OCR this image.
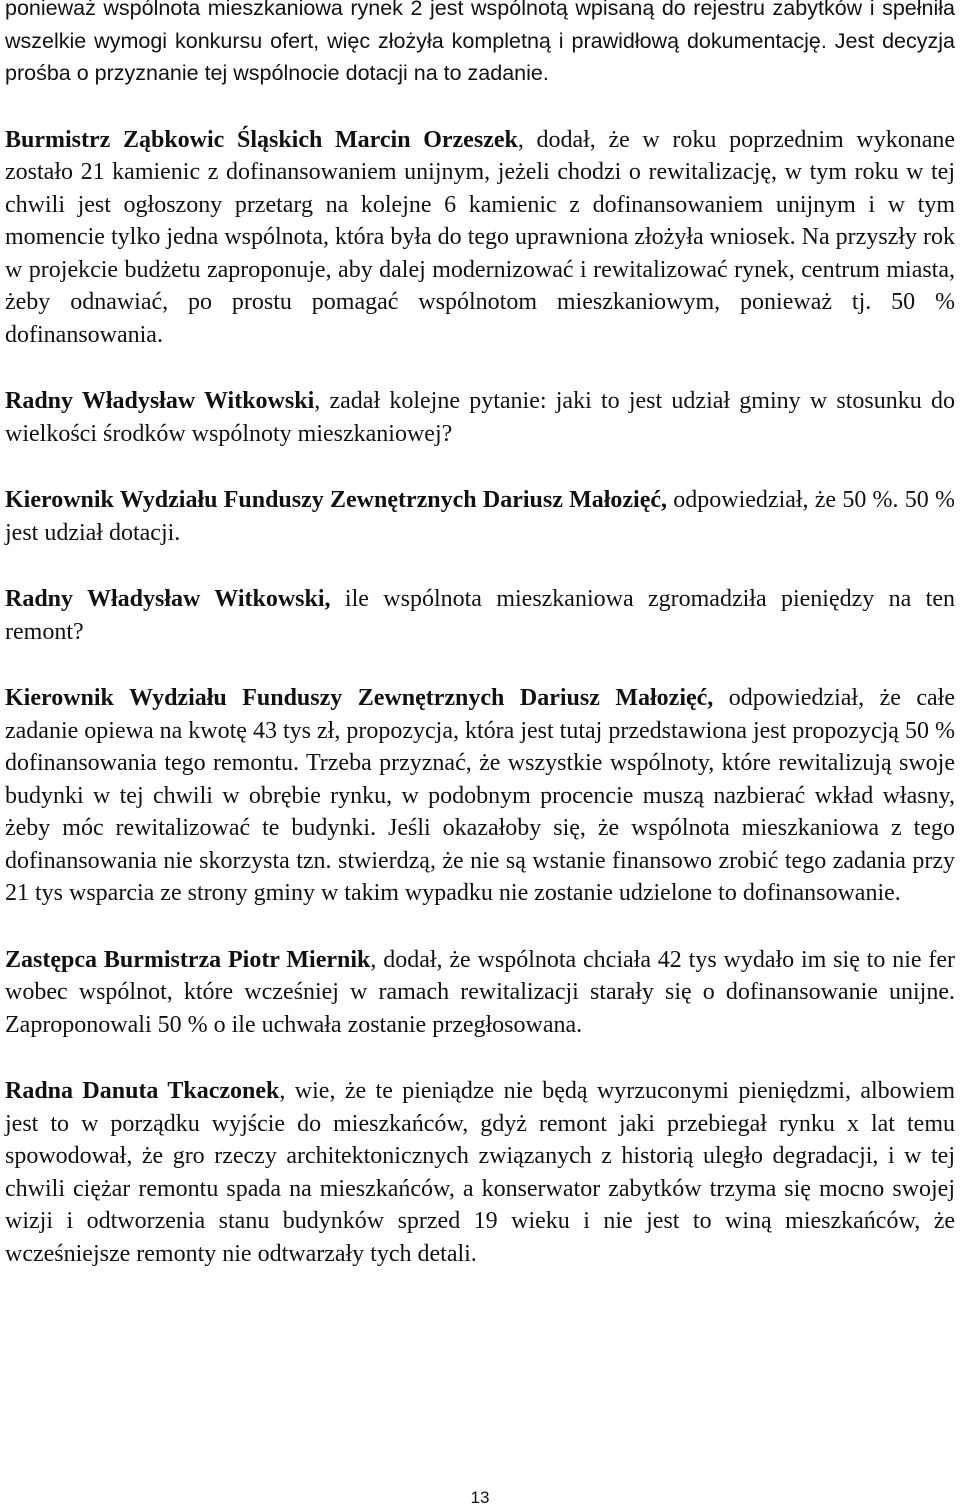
ponieważ wspólnota mieszkaniowa rynek 2 jest wspólnotą wpisaną do rejestru zabytków i spełniła wszelkie wymogi konkursu ofert, więc złożyła kompletną i prawidłową dokumentację. Jest decyzja prośba o przyznanie tej wspólnocie dotacji na to zadanie.

Burmistrz Ząbkowic Śląskich Marcin Orzeszek, dodał, że w roku poprzednim wykonane zostało 21 kamienic z dofinansowaniem unijnym, jeżeli chodzi o rewitalizację, w tym roku w tej chwili jest ogłoszony przetarg na kolejne 6 kamienic z dofinansowaniem unijnym i w tym momencie tylko jedna wspólnota, która była do tego uprawniona złożyła wniosek. Na przyszły rok w projekcie budżetu zaproponuje, aby dalej modernizować i rewitalizować rynek, centrum miasta, żeby odnawiać, po prostu pomagać wspólnotom mieszkaniowym, ponieważ tj. 50 % dofinansowania.

Radny Władysław Witkowski, zadał kolejne pytanie: jaki to jest udział gminy w stosunku do wielkości środków wspólnoty mieszkaniowej?

Kierownik Wydziału Funduszy Zewnętrznych Dariusz Małozięć, odpowiedział, że 50 %. 50 % jest udział dotacji.

Radny Władysław Witkowski, ile wspólnota mieszkaniowa zgromadziła pieniędzy na ten remont?

Kierownik Wydziału Funduszy Zewnętrznych Dariusz Małozięć, odpowiedział, że całe zadanie opiewa na kwotę 43 tys zł, propozycja, która jest tutaj przedstawiona jest propozycją 50 % dofinansowania tego remontu. Trzeba przyznać, że wszystkie wspólnoty, które rewitalizują swoje budynki w tej chwili w obrębie rynku, w podobnym procencie muszą nazbierać wkład własny, żeby móc rewitalizować te budynki. Jeśli okazałoby się, że wspólnota mieszkaniowa z tego dofinansowania nie skorzysta tzn. stwierdzą, że nie są wstanie finansowo zrobić tego zadania przy 21 tys wsparcia ze strony gminy w takim wypadku nie zostanie udzielone to dofinansowanie.

Zastępca Burmistrza Piotr Miernik, dodał, że wspólnota chciała 42 tys wydało im się to nie fer wobec wspólnot, które wcześniej w ramach rewitalizacji starały się o dofinansowanie unijne. Zaproponowali 50 % o ile uchwała zostanie przegłosowana.

Radna Danuta Tkaczonek, wie, że te pieniądze nie będą wyrzuconymi pieniędzmi, albowiem jest to w porządku wyjście do mieszkańców, gdyż remont jaki przebiegał rynku x lat temu spowodował, że gro rzeczy architektonicznych związanych z historią uległo degradacji, i w tej chwili ciężar remontu spada na mieszkańców, a konserwator zabytków trzyma się mocno swojej wizji i odtworzenia stanu budynków sprzed 19 wieku i nie jest to winą mieszkańców, że wcześniejsze remonty nie odtwarzały tych detali.

13
